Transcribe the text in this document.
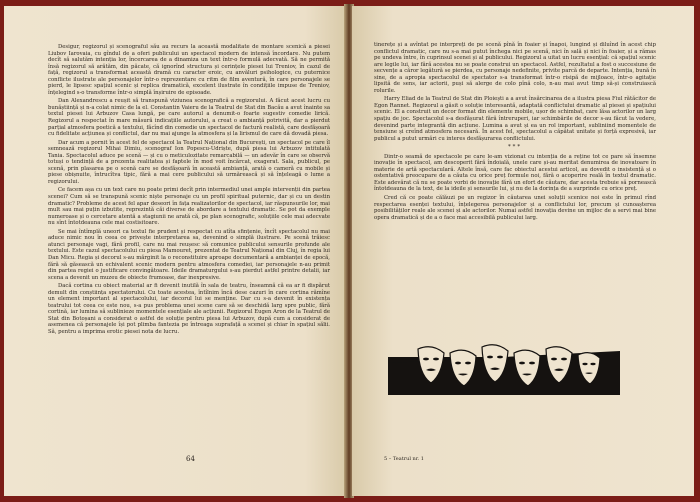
Desigur, regizorul și scenograful său au recurs la această modalitate de montare scenică a piesei Liubov Iarovaia, cu gîndul de a oferi publicului un spectacol modern de intensă încordare. Nu putem decît să salutăm intenția lor, încercarea de a dinamiza un text într-o formulă adecvată. Să ne permită însă regizorul să arătăm, din păcate, că ignorînd structura și cerințele piesei lui Treniov, în cazul de față, regizorul a transformat această dramă cu caracter eroic, cu anvăluri psihologice, cu puternice conflicte ilustrate ale personajelor într-o reprezentare cu ritm de film aventură, în care personajele se pierd, le lipsesc spațiul scenic și replica dramatică, excelent ilustrate în condițiile impuse de Treniov, înțelegind s-o transforme într-o simplă înșiruire de episoade.

Dan Alexandrescu a reușit să transpună viziunea scenografică a regizorului. A făcut acest lucru cu bunăștiință și n-a colat nimic de la el. Constantin Vaieru de la Teatrul de Stat din Bacău a avut înainte sa textul piesei lui Arbuzov Casa lungă, pe care autorul a denumit-o foarte sugestiv comedie lirică. Regizorul a respectat în mare măsură indicațiile autorului, a creat o ambianță potrivită, dar a pierdut parțial atmosfera poetică a textului, făcînd din comedie un spectacol de factură realistă, care desfășoară cu fidelitate acțiunea și conflictul, dar nu mai ajunge la atmosfera și la lirismul de care dă dovadă piesa.

Dar acum a pornit în acest fel de spectacol la Teatrul Național din București, un spectacol pe care îl semnează regizorul Mihai Dimiu, scenograf Ion Popescu-Udriște, după piesa lui Arbuzov intitulată Tania. Spectacolul aduce pe scenă — și cu o meticulozitate remarcabilă — un adevăr în care se observă totuși o tendință de a prezenta realitatea și faptele în mod voit încărcat, exagerat. Sala, publicul, pe scenă, prin plasarea pe o scenă care se desfășoară în această ambianță, arată o cameră cu mobile și piese obișnuite, întrucîtva tipic, fără a mai cere publicului să urmărească și să înțeleagă o lume a regizorului.

Ce facem așa cu un text care nu poate primi decît prin intermediul unei ample intervenții din partea scenei? Cum să se transpună scenic niște personaje cu un profil spiritual puternic, dar și cu un destin dramatic? Probleme de acest fel apar deseori în fața realizatorilor de spectacol, iar răspunsurile lor, mai mult sau mai puțin izbutite, reprezintă căi diverse de abordare a textului dramatic. Se pot da exemple numeroase și o cercetare atentă a stagiunii ne arată că, pe plan scenografic, soluțiile cele mai adecvate nu sînt întotdeauna cele mai costisitoare.

Se mai întîmplă uneori ca textul fie prudent și respectat cu atîta sfințenie, încît spectacolul nu mai aduce nimic nou în ceea ce privește interpretarea sa, devenind o simplă ilustrare. Pe scenă trăiesc atunci personaje vagi, fără profil, care nu mai reușesc să comunice publicului sensurile profunde ale textului. Este cazul spectacolului cu piesa Mamouret, prezentat de Teatrul Național din Cluj, în regia lui Dan Micu. Regia și decorul s-au mărginit la o reconstituire aproape documentară a ambianței de epocă, fără să găsească un echivalent scenic modern pentru atmosfera comediei, iar personajele n-au primit din partea regiei o justificare convingătoare. Ideile dramaturgului s-au pierdut astfel printre detalii, iar scena a devenit un muzeu de obiecte frumoase, dar inexpresive.

Dacă cortina cu obiect material ar fi devenit inutilă în sala de teatru, înseamnă că ea ar fi dispărut demult din conștiința spectatorului. Cu toate acestea, întîlnim încă dese cazuri în care cortina rămîne un element important al spectacolului, iar decorul lui se menține. Dar cu s-a devenit în existența teatrului tot ceea ce este nou, s-a pus problema unei scene care să se deschidă larg spre public, fără cortină, iar lumina să sublinieze momentele esențiale ale acțiunii. Regizorul Eugen Aron de la Teatrul de Stat din Botoșani a considerat o astfel de soluție pentru piesa lui Arbuzov, după cum a considerat de asemenea că personajele își pot plimba fantezia pe întreaga suprafață a scenei și chiar în spațiul sălii. Să, pentru a imprima erotic piesei nota de lucru.

64

tinerețe și a avîntat pe interpreți de pe scenă pînă în foaier și înapoi, lungind și diluînd în acest chip conflictul dramatic, care nu s-a mai putut închega nici pe scenă, nici în sală și nici în foaier, și a rămas pe undeva între, în cuprinsul scenei și al publicului. Regizorul a uitat un lucru esențial: că spațiul scenic are legile lui, iar fără acestea nu se poate construi un spectacol. Astfel, rezultatul a fost o succesiune de secvențe a căror legătură se pierdea, cu personaje nedefinite, privite parcă de departe. Intenția, bună în sine, de a apropia spectacolul de spectator s-a transformat într-o risipă de mijloace, într-o agitație lipsită de sens, iar actorii, puși să alerge de colo pînă colo, n-au mai avut timp să-și construiască rolurile.

Harry Eliad de la Teatrul de Stat din Ploiești a a avut însărcinarea de a ilustra piesa Fiul rătăcitor de Egon Rannet. Regizorul a găsit o soluție interesantă, adaptată conflictului dramatic al piesei și spațiului scenic. El a construit un decor format din elemente mobile, ușor de schimbat, care lăsa actorilor un larg spațiu de joc. Spectacolul s-a desfășurat fără întreruperi, iar schimbările de decor s-au făcut la vedere, devenind parte integrantă din acțiune. Lumina a avut și ea un rol important, subliniind momentele de tensiune și creînd atmosfera necesară. În acest fel, spectacolul a căpătat unitate și forță expresivă, iar publicul a putut urmări cu interes desfășurarea conflictului.

***

Dintr-o seamă de spectacole pe care le-am vizionat cu intenția de a reține tot ce pare să însemne inovație în spectacol, am descoperit fără îndoială, unele care și-au meritat denumirea de inovatoare în materie de artă spectaculară. Altele însă, care fac obiectul acestui articol, au dovedit o insistență și o ostentativă preocupare de a căuta cu orice preț formule noi, fără o acoperire reală în textul dramatic. Este adevărat că nu se poate vorbi de inovație fără un efort de căutare, dar acesta trebuie să pornească întotdeauna de la text, de la ideile și sensurile lui, și nu de la dorința de a surprinde cu orice preț.

Cred că ce poate călăuzi pe un regizor în căutarea unei soluții scenice noi este în primul rînd respectarea esenței textului, înțelegerea personajelor și a conflictului lor, precum și cunoașterea posibilităților reale ale scenei și ale actorilor. Numai astfel inovația devine un mijloc de a servi mai bine opera dramatică și de a o face mai accesibilă publicului larg.

5 – Teatrul nr. 1
